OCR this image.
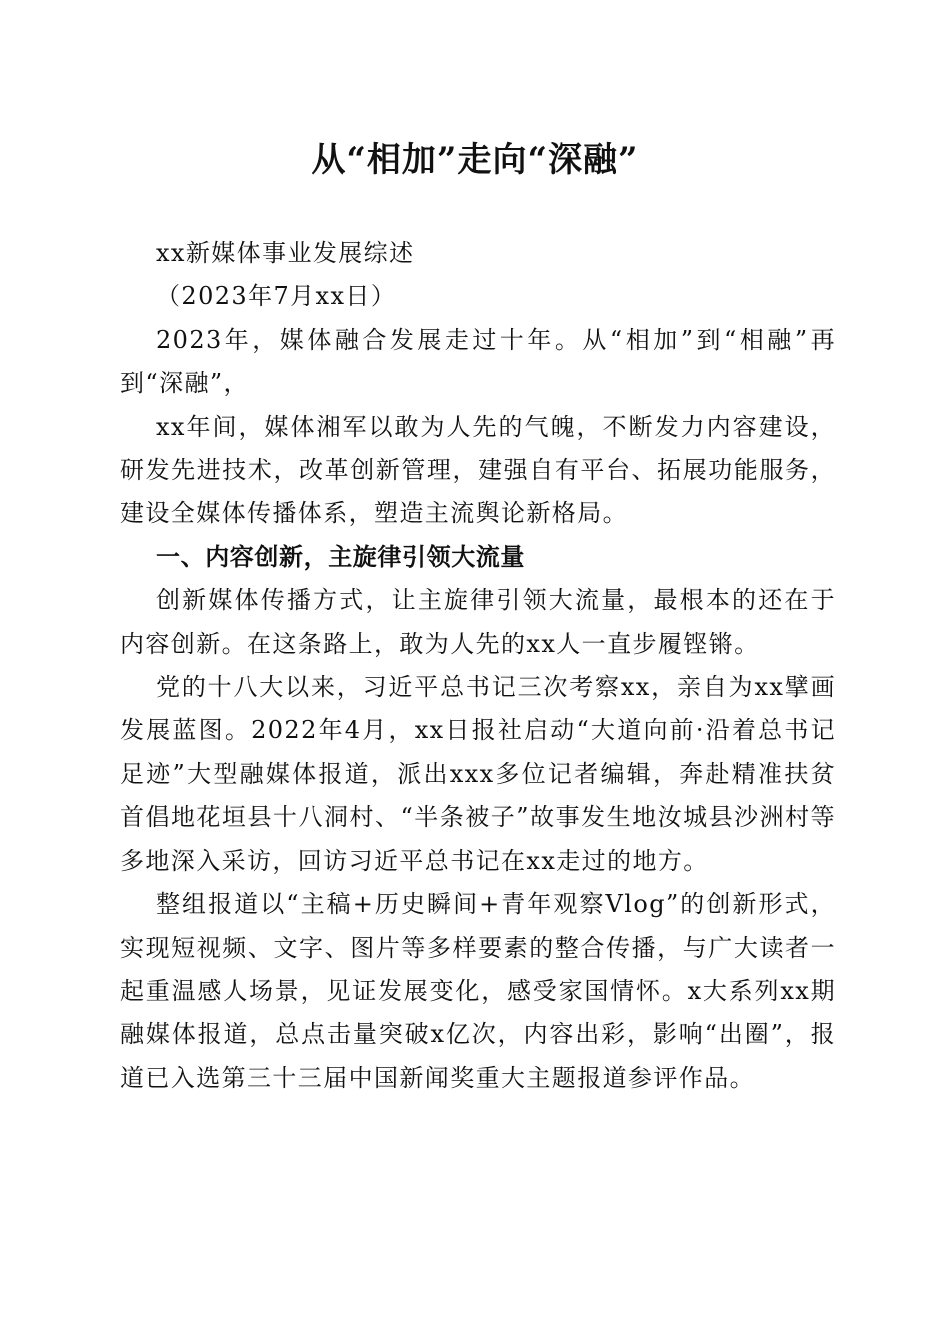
从“相加”走向“深融”

xx新媒体事业发展综述

（2023年7月xx日）

2023年，媒体融合发展走过十年。从“相加”到“相融”再到“深融”，

xx年间，媒体湘军以敢为人先的气魄，不断发力内容建设，研发先进技术，改革创新管理，建强自有平台、拓展功能服务，建设全媒体传播体系，塑造主流舆论新格局。

一、内容创新，主旋律引领大流量

创新媒体传播方式，让主旋律引领大流量，最根本的还在于内容创新。在这条路上，敢为人先的xx人一直步履铿锵。

党的十八大以来，习近平总书记三次考察xx，亲自为xx擘画发展蓝图。2022年4月，xx日报社启动“大道向前·沿着总书记足迹”大型融媒体报道，派出xxx多位记者编辑，奔赴精准扶贫首倡地花垣县十八洞村、“半条被子”故事发生地汝城县沙洲村等多地深入采访，回访习近平总书记在xx走过的地方。

整组报道以“主稿+历史瞬间+青年观察Vlog”的创新形式，实现短视频、文字、图片等多样要素的整合传播，与广大读者一起重温感人场景，见证发展变化，感受家国情怀。x大系列xx期融媒体报道，总点击量突破x亿次，内容出彩，影响“出圈”，报道已入选第三十三届中国新闻奖重大主题报道参评作品。
